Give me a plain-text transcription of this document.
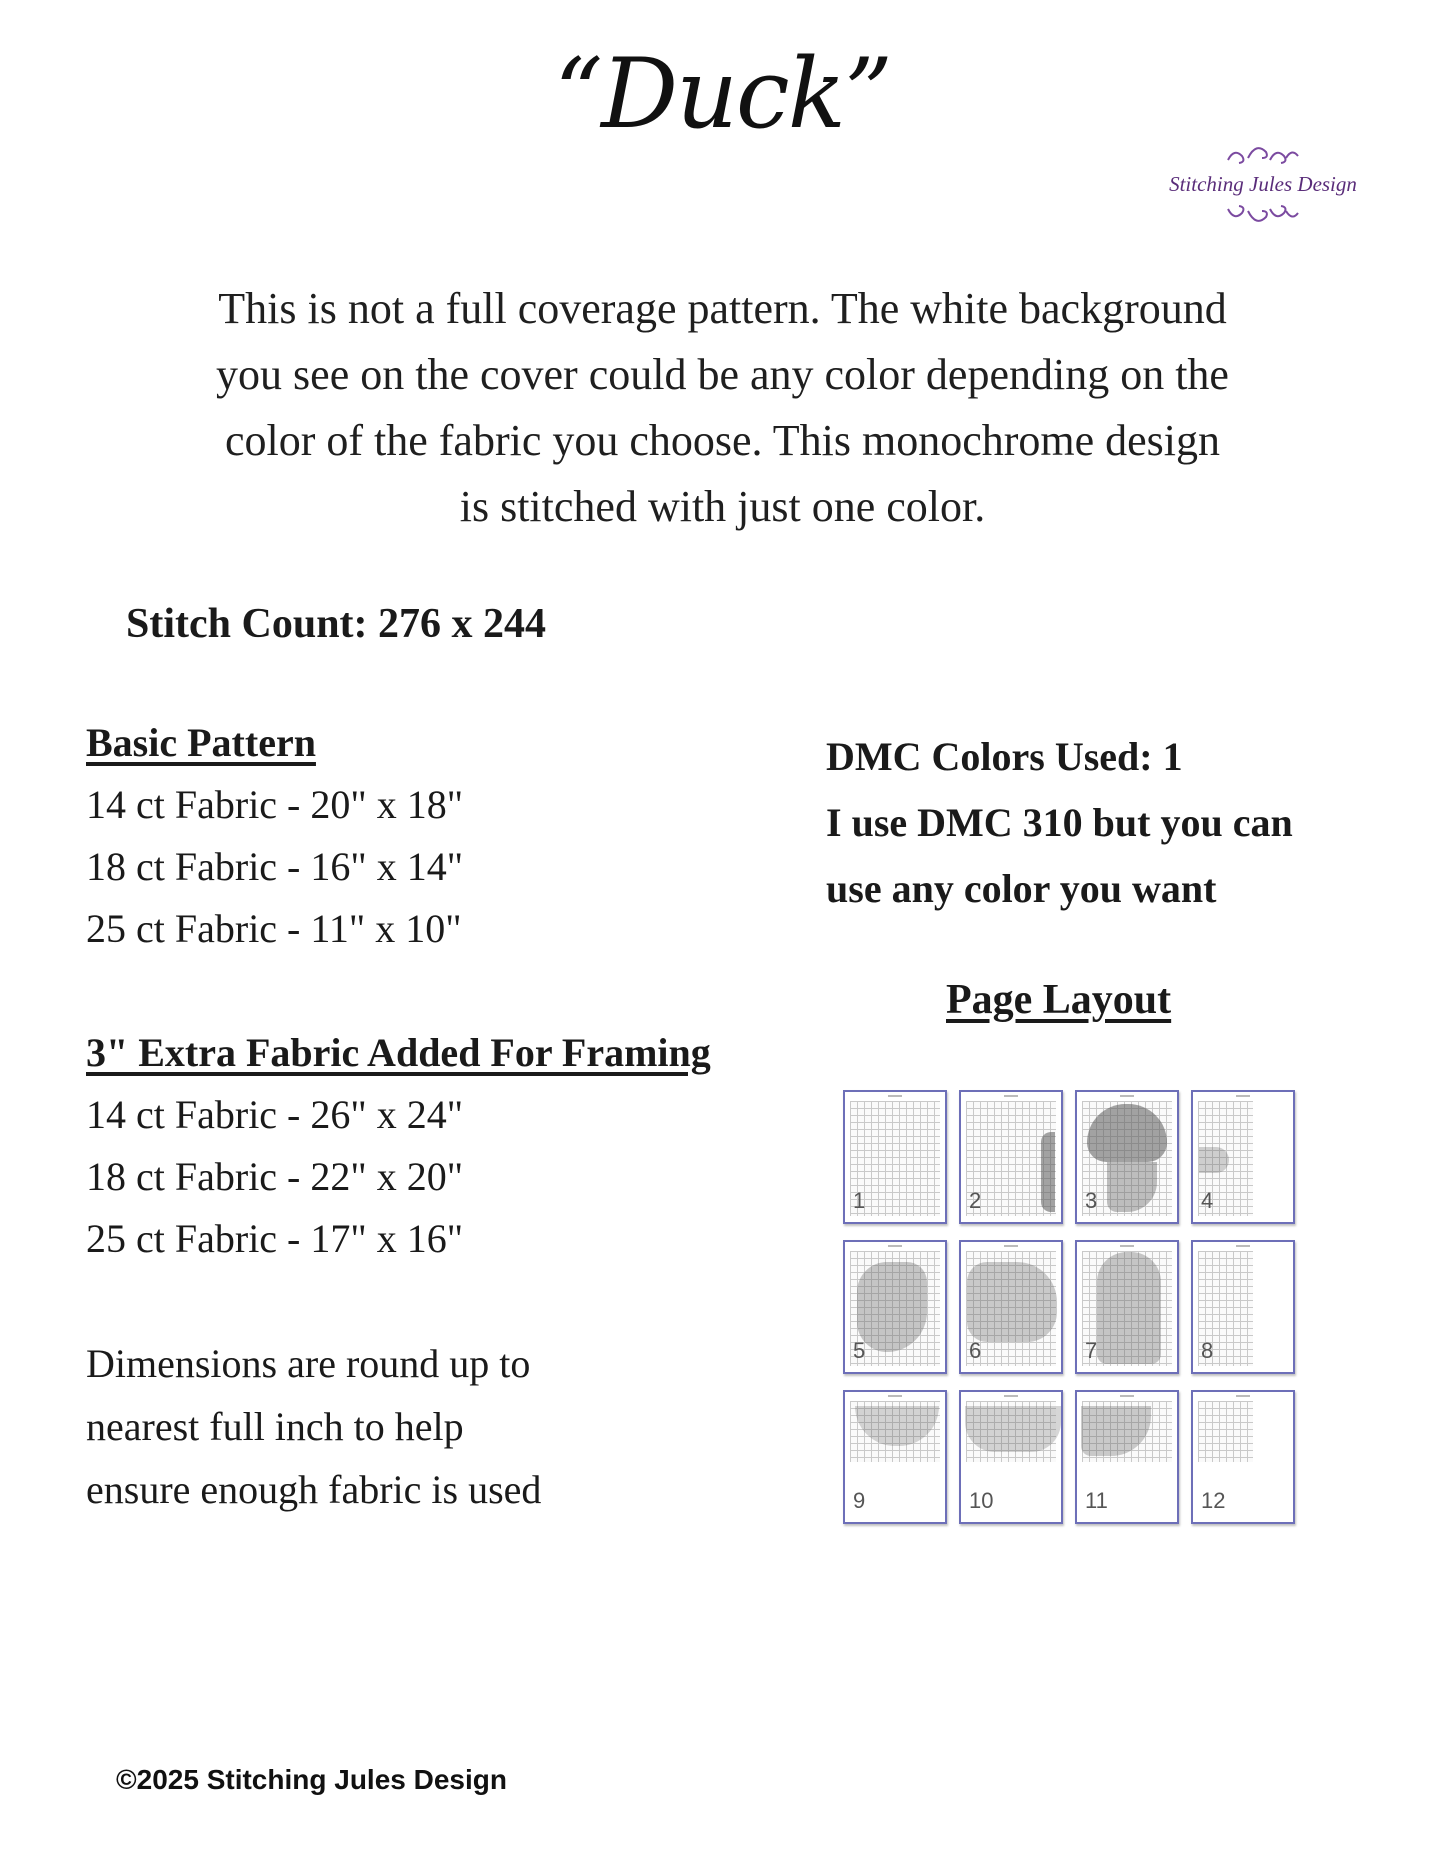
“Duck”
Stitching Jules Design
This is not a full coverage pattern. The white background
you see on the cover could be any color depending on the
color of the fabric you choose. This monochrome design
is stitched with just one color.
Stitch Count: 276 x 244
Basic Pattern
14 ct Fabric - 20" x 18"
18 ct Fabric - 16" x 14"
25 ct Fabric - 11" x 10"
3" Extra Fabric Added For Framing
14 ct Fabric - 26" x 24"
18 ct Fabric - 22" x 20"
25 ct Fabric - 17" x 16"
Dimensions are round up to
nearest full inch to help
ensure enough fabric is used
DMC Colors Used: 1
I use DMC 310 but you can
use any color you want
Page Layout
1	2	3	4
5	6	7	8
9	10	11	12
©2025 Stitching Jules Design
